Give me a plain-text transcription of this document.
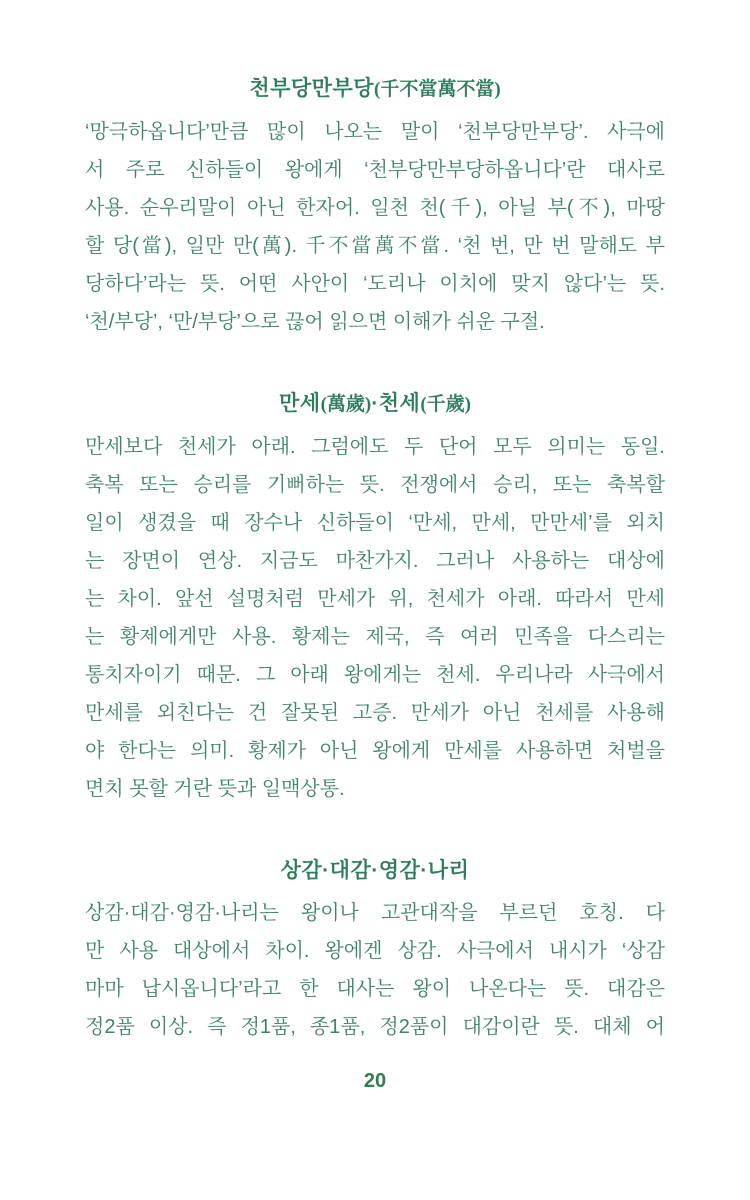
천부당만부당(千不當萬不當)
‘망극하옵니다’만큼 많이 나오는 말이 ‘천부당만부당’. 사극에
서 주로 신하들이 왕에게 ‘천부당만부당하옵니다’란 대사로
사용. 순우리말이 아닌 한자어. 일천 천(千), 아닐 부(不), 마땅
할 당(當), 일만 만(萬). 千不當萬不當. ‘천 번, 만 번 말해도 부
당하다’라는 뜻. 어떤 사안이 ‘도리나 이치에 맞지 않다’는 뜻.
‘천/부당’, ‘만/부당’으로 끊어 읽으면 이해가 쉬운 구절.
만세(萬歲)·천세(千歲)
만세보다 천세가 아래. 그럼에도 두 단어 모두 의미는 동일.
축복 또는 승리를 기뻐하는 뜻. 전쟁에서 승리, 또는 축복할
일이 생겼을 때 장수나 신하들이 ‘만세, 만세, 만만세’를 외치
는 장면이 연상. 지금도 마찬가지. 그러나 사용하는 대상에
는 차이. 앞선 설명처럼 만세가 위, 천세가 아래. 따라서 만세
는 황제에게만 사용. 황제는 제국, 즉 여러 민족을 다스리는
통치자이기 때문. 그 아래 왕에게는 천세. 우리나라 사극에서
만세를 외친다는 건 잘못된 고증. 만세가 아닌 천세를 사용해
야 한다는 의미. 황제가 아닌 왕에게 만세를 사용하면 처벌을
면치 못할 거란 뜻과 일맥상통.
상감·대감·영감·나리
상감·대감·영감·나리는 왕이나 고관대작을 부르던 호칭. 다
만 사용 대상에서 차이. 왕에겐 상감. 사극에서 내시가 ‘상감
마마 납시옵니다’라고 한 대사는 왕이 나온다는 뜻. 대감은
정2품 이상. 즉 정1품, 종1품, 정2품이 대감이란 뜻. 대체 어
20
